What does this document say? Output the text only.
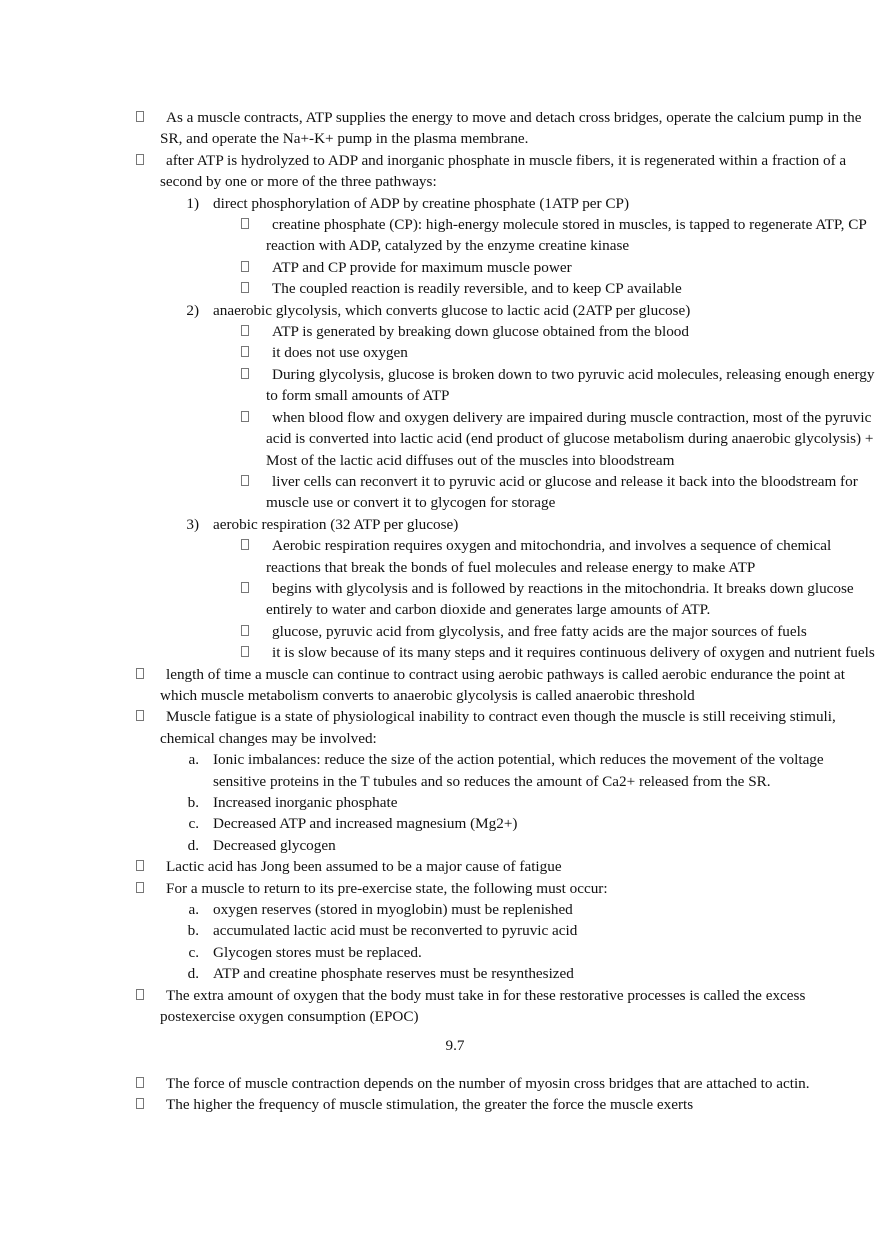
As a muscle contracts, ATP supplies the energy to move and detach cross bridges, operate the calcium pump in the SR, and operate the Na+-K+ pump in the plasma membrane.
after ATP is hydrolyzed to ADP and inorganic phosphate in muscle fibers, it is regenerated within a fraction of a second by one or more of the three pathways:
1) direct phosphorylation of ADP by creatine phosphate (1ATP per CP)
creatine phosphate (CP): high-energy molecule stored in muscles, is tapped to regenerate ATP, CP reaction with ADP, catalyzed by the enzyme creatine kinase
ATP and CP provide for maximum muscle power
The coupled reaction is readily reversible, and to keep CP available
2) anaerobic glycolysis, which converts glucose to lactic acid (2ATP per glucose)
ATP is generated by breaking down glucose obtained from the blood
it does not use oxygen
During glycolysis, glucose is broken down to two pyruvic acid molecules, releasing enough energy to form small amounts of ATP
when blood flow and oxygen delivery are impaired during muscle contraction, most of the pyruvic acid is converted into lactic acid (end product of glucose metabolism during anaerobic glycolysis) + Most of the lactic acid diffuses out of the muscles into bloodstream
liver cells can reconvert it to pyruvic acid or glucose and release it back into the bloodstream for muscle use or convert it to glycogen for storage
3) aerobic respiration (32 ATP per glucose)
Aerobic respiration requires oxygen and mitochondria, and involves a sequence of chemical reactions that break the bonds of fuel molecules and release energy to make ATP
begins with glycolysis and is followed by reactions in the mitochondria. It breaks down glucose entirely to water and carbon dioxide and generates large amounts of ATP.
glucose, pyruvic acid from glycolysis, and free fatty acids are the major sources of fuels
it is slow because of its many steps and it requires continuous delivery of oxygen and nutrient fuels
length of time a muscle can continue to contract using aerobic pathways is called aerobic endurance the point at which muscle metabolism converts to anaerobic glycolysis is called anaerobic threshold
Muscle fatigue is a state of physiological inability to contract even though the muscle is still receiving stimuli, chemical changes may be involved:
a. Ionic imbalances: reduce the size of the action potential, which reduces the movement of the voltage sensitive proteins in the T tubules and so reduces the amount of Ca2+ released from the SR.
b. Increased inorganic phosphate
c. Decreased ATP and increased magnesium (Mg2+)
d. Decreased glycogen
Lactic acid has Jong been assumed to be a major cause of fatigue
For a muscle to return to its pre-exercise state, the following must occur:
a. oxygen reserves (stored in myoglobin) must be replenished
b. accumulated lactic acid must be reconverted to pyruvic acid
c. Glycogen stores must be replaced.
d. ATP and creatine phosphate reserves must be resynthesized
The extra amount of oxygen that the body must take in for these restorative processes is called the excess postexercise oxygen consumption (EPOC)
9.7
The force of muscle contraction depends on the number of myosin cross bridges that are attached to actin.
The higher the frequency of muscle stimulation, the greater the force the muscle exerts
